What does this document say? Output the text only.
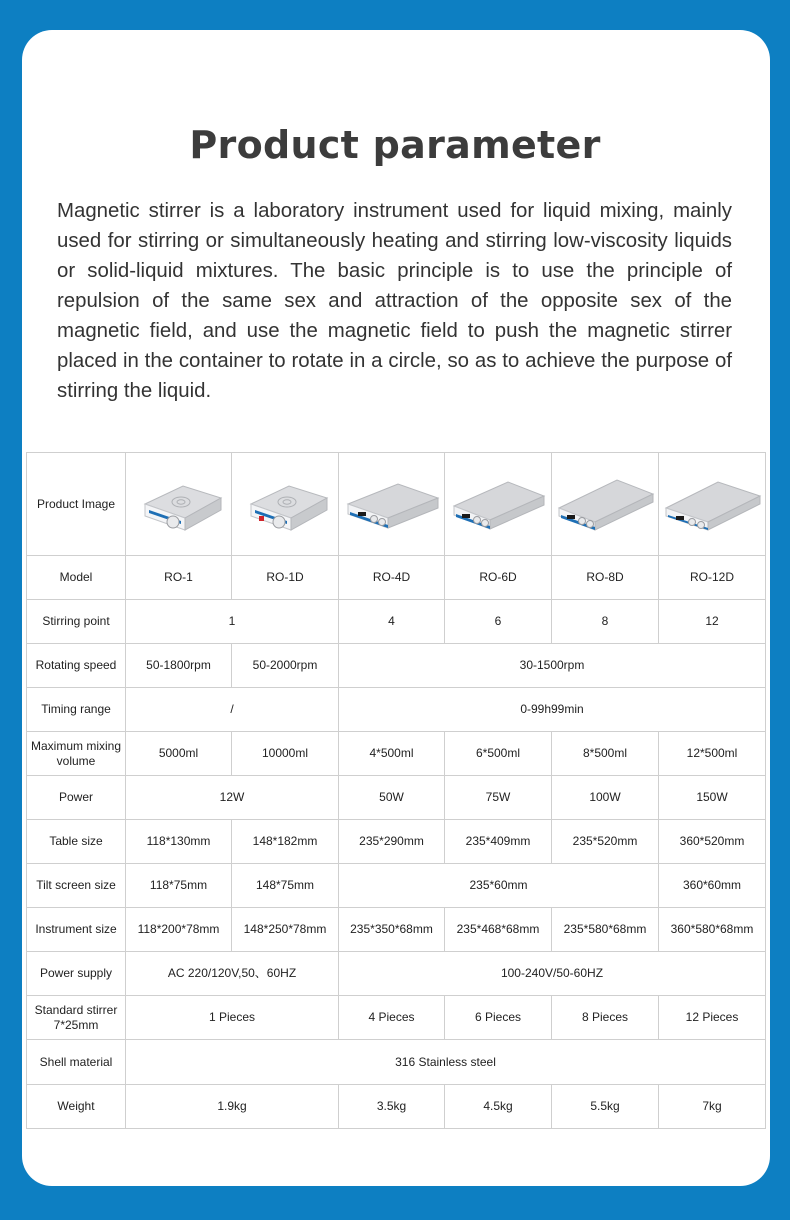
Product parameter
Magnetic stirrer is a laboratory instrument used for liquid mixing, mainly used for stirring or simultaneously heating and stirring low-viscosity liquids or solid-liquid mixtures. The basic principle is to use the principle of repulsion of the same sex and attraction of the opposite sex of the magnetic field, and use the magnetic field to push the magnetic stirrer placed in the container to rotate in a circle, so as to achieve the purpose of stirring the liquid.
Product Image	

Model	RO-1	RO-1D	RO-4D	RO-6D	RO-8D	RO-12D
Stirring point	1		4	6	8	12
Rotating speed	50-1800rpm	50-2000rpm	30-1500rpm			
Timing range	/		0-99h99min			
Maximum mixing volume	5000ml	10000ml	4*500ml	6*500ml	8*500ml	12*500ml
Power	12W		50W	75W	100W	150W
Table size	118*130mm	148*182mm	235*290mm	235*409mm	235*520mm	360*520mm
Tilt screen size	118*75mm	148*75mm	235*60mm			360*60mm
Instrument size	118*200*78mm	148*250*78mm	235*350*68mm	235*468*68mm	235*580*68mm	360*580*68mm
Power supply	AC 220/120V,50、60HZ		100-240V/50-60HZ			
Standard stirrer 7*25mm	1 Pieces		4 Pieces	6 Pieces	8 Pieces	12 Pieces
Shell material	316 Stainless steel					
Weight	1.9kg		3.5kg	4.5kg	5.5kg	7kg
